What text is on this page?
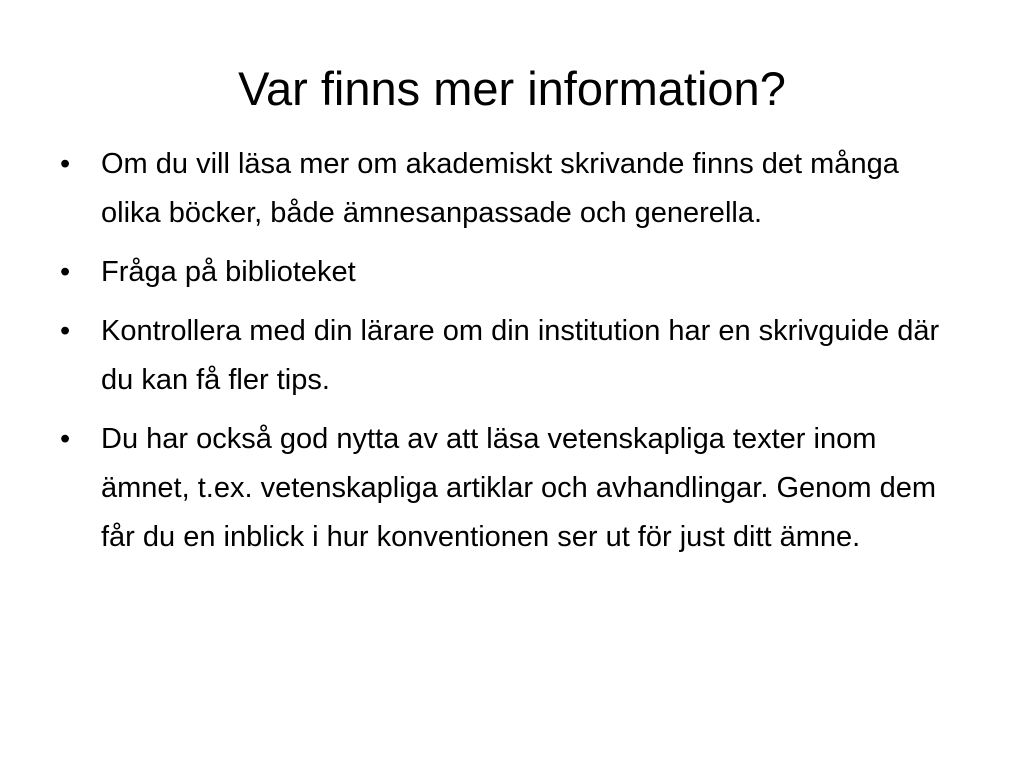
Var finns mer information?
•	Om du vill läsa mer om akademiskt skrivande finns det många olika böcker, både ämnesanpassade och generella.
•	Fråga på biblioteket
•	Kontrollera med din lärare om din institution har en skrivguide där du kan få fler tips.
•	Du har också god nytta av att läsa vetenskapliga texter inom ämnet, t.ex. vetenskapliga artiklar och avhandlingar. Genom dem får du en inblick i hur konventionen ser ut för just ditt ämne.
